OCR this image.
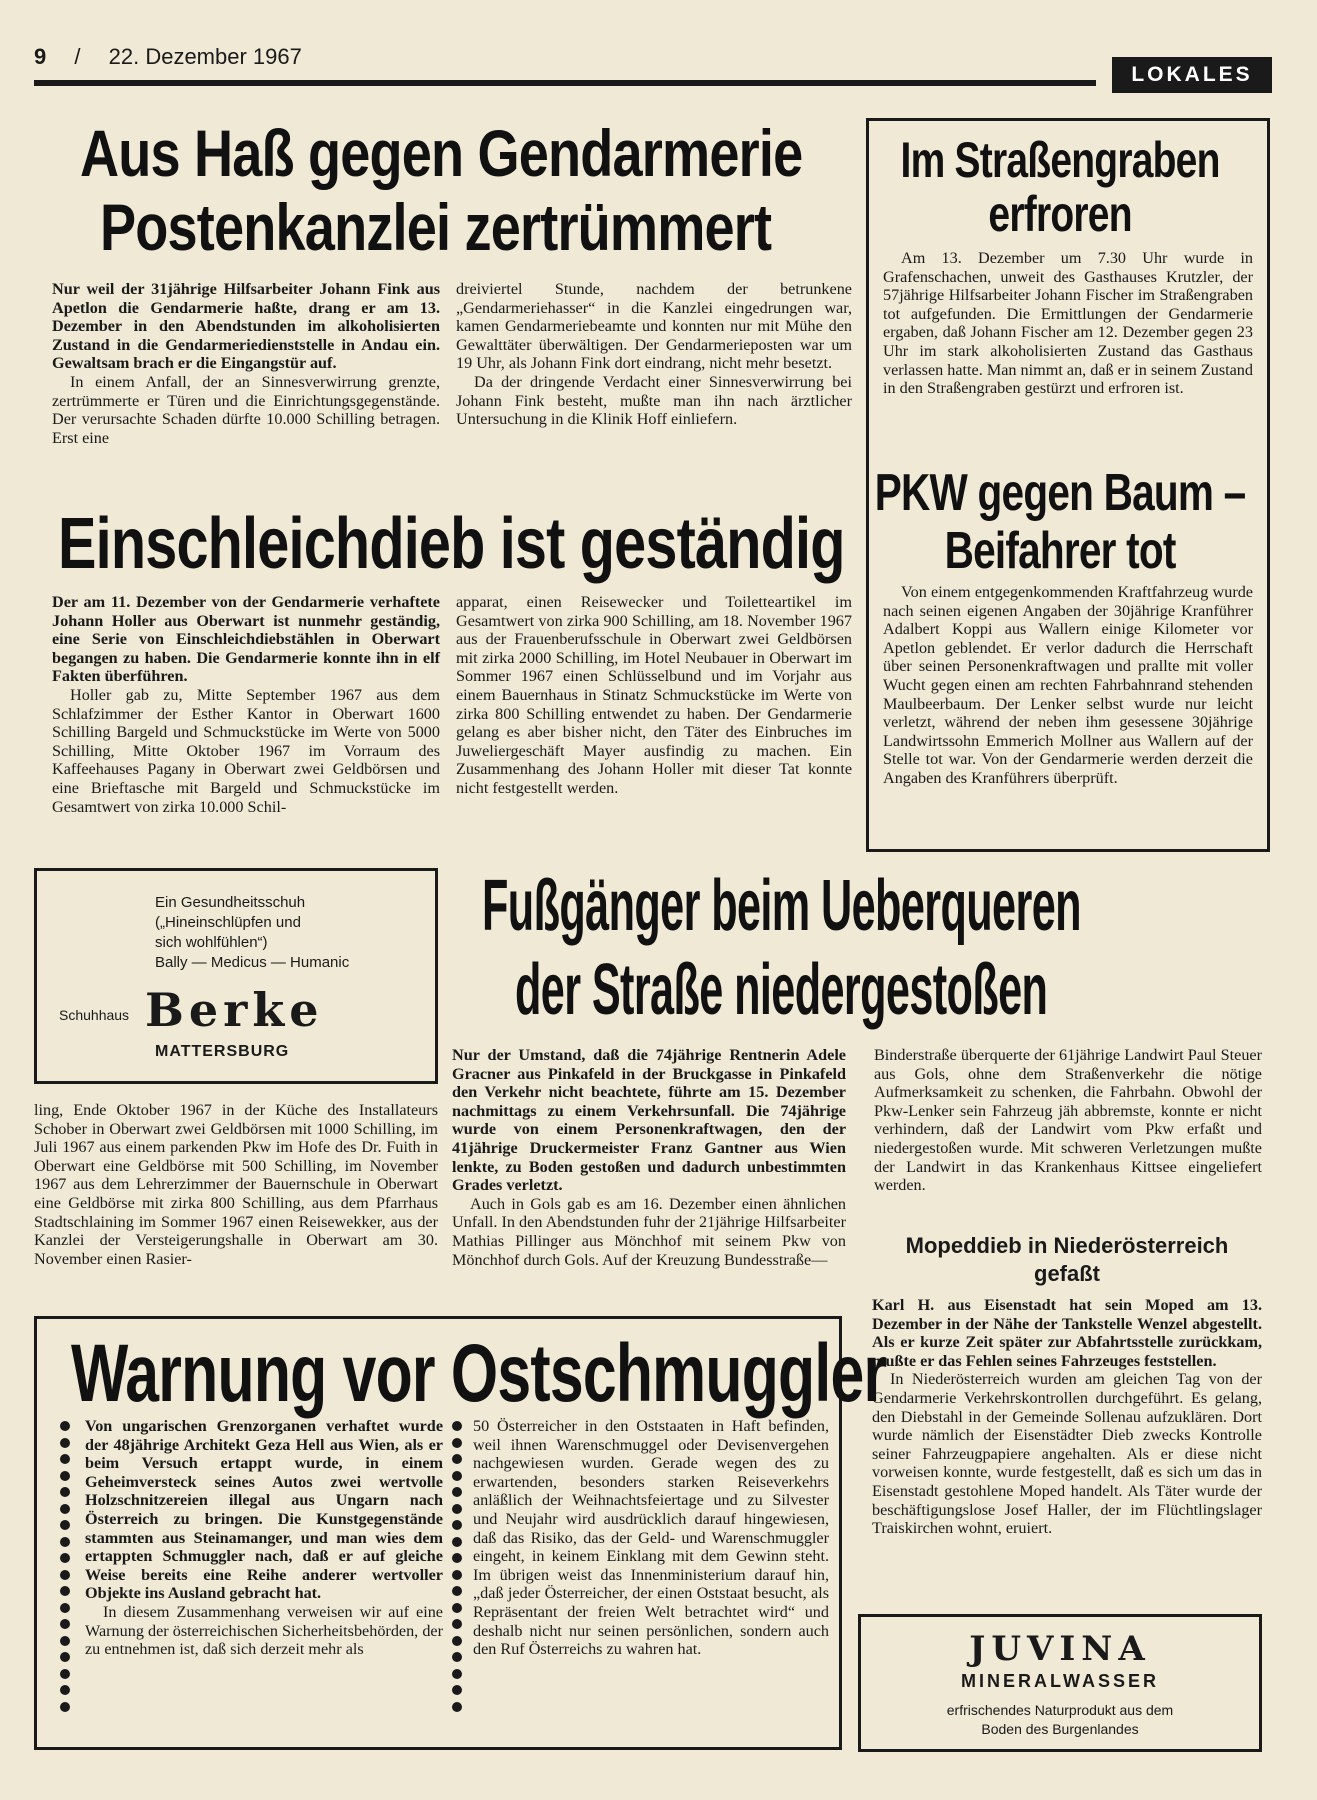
9 / 22. Dezember 1967
LOKALES
Aus Haß gegen Gendarmerie
Postenkanzlei zertrümmert

Nur weil der 31jährige Hilfsarbeiter Johann Fink aus Apetlon die Gendarmerie haßte, drang er am 13. Dezember in den Abendstunden im alkoholisierten Zustand in die Gendarmeriedienststelle in Andau ein. Gewaltsam brach er die Eingangstür auf.

In einem Anfall, der an Sinnesverwirrung grenzte, zertrümmerte er Türen und die Einrichtungsgegenstände. Der verursachte Schaden dürfte 10.000 Schilling betragen. Erst eine

dreiviertel Stunde, nachdem der betrunkene „Gendarmeriehasser“ in die Kanzlei eingedrungen war, kamen Gendarmeriebeamte und konnten nur mit Mühe den Gewalttäter überwältigen. Der Gendarmerieposten war um 19 Uhr, als Johann Fink dort eindrang, nicht mehr besetzt.

Da der dringende Verdacht einer Sinnesverwirrung bei Johann Fink besteht, mußte man ihn nach ärztlicher Untersuchung in die Klinik Hoff einliefern.

Im Straßengraben
erfroren

Am 13. Dezember um 7.30 Uhr wurde in Grafenschachen, unweit des Gasthauses Krutzler, der 57jährige Hilfsarbeiter Johann Fischer im Straßengraben tot aufgefunden. Die Ermittlungen der Gendarmerie ergaben, daß Johann Fischer am 12. Dezember gegen 23 Uhr im stark alkoholisierten Zustand das Gasthaus verlassen hatte. Man nimmt an, daß er in seinem Zustand in den Straßengraben gestürzt und erfroren ist.

PKW gegen Baum –
Beifahrer tot

Von einem entgegenkommenden Kraftfahrzeug wurde nach seinen eigenen Angaben der 30jährige Kranführer Adalbert Koppi aus Wallern einige Kilometer vor Apetlon geblendet. Er verlor dadurch die Herrschaft über seinen Personenkraftwagen und prallte mit voller Wucht gegen einen am rechten Fahrbahnrand stehenden Maulbeerbaum. Der Lenker selbst wurde nur leicht verletzt, während der neben ihm gesessene 30jährige Landwirtssohn Emmerich Mollner aus Wallern auf der Stelle tot war. Von der Gendarmerie werden derzeit die Angaben des Kranführers überprüft.

Einschleichdieb ist geständig

Der am 11. Dezember von der Gendarmerie verhaftete Johann Holler aus Oberwart ist nunmehr geständig, eine Serie von Einschleichdiebstählen in Oberwart begangen zu haben. Die Gendarmerie konnte ihn in elf Fakten überführen.

Holler gab zu, Mitte September 1967 aus dem Schlafzimmer der Esther Kantor in Oberwart 1600 Schilling Bargeld und Schmuckstücke im Werte von 5000 Schilling, Mitte Oktober 1967 im Vorraum des Kaffeehauses Pagany in Oberwart zwei Geldbörsen und eine Brieftasche mit Bargeld und Schmuckstücke im Gesamtwert von zirka 10.000 Schil-

apparat, einen Reisewecker und Toiletteartikel im Gesamtwert von zirka 900 Schilling, am 18. November 1967 aus der Frauenberufsschule in Oberwart zwei Geldbörsen mit zirka 2000 Schilling, im Hotel Neubauer in Oberwart im Sommer 1967 einen Schlüsselbund und im Vorjahr aus einem Bauernhaus in Stinatz Schmuckstücke im Werte von zirka 800 Schilling entwendet zu haben. Der Gendarmerie gelang es aber bisher nicht, den Täter des Einbruches im Juweliergeschäft Mayer ausfindig zu machen. Ein Zusammenhang des Johann Holler mit dieser Tat konnte nicht festgestellt werden.

Ein Gesundheitsschuh
(„Hineinschlüpfen und
sich wohlfühlen“)
Bally — Medicus — Humanic
Schuhhaus Berke
MATTERSBURG

ling, Ende Oktober 1967 in der Küche des Installateurs Schober in Oberwart zwei Geldbörsen mit 1000 Schilling, im Juli 1967 aus einem parkenden Pkw im Hofe des Dr. Fuith in Oberwart eine Geldbörse mit 500 Schilling, im November 1967 aus dem Lehrerzimmer der Bauernschule in Oberwart eine Geldbörse mit zirka 800 Schilling, aus dem Pfarrhaus Stadtschlaining im Sommer 1967 einen Reisewekker, aus der Kanzlei der Versteigerungshalle in Oberwart am 30. November einen Rasier-

Fußgänger beim Ueberqueren
der Straße niedergestoßen

Nur der Umstand, daß die 74jährige Rentnerin Adele Gracner aus Pinkafeld in der Bruckgasse in Pinkafeld den Verkehr nicht beachtete, führte am 15. Dezember nachmittags zu einem Verkehrsunfall. Die 74jährige wurde von einem Personenkraftwagen, den der 41jährige Druckermeister Franz Gantner aus Wien lenkte, zu Boden gestoßen und dadurch unbestimmten Grades verletzt.

Auch in Gols gab es am 16. Dezember einen ähnlichen Unfall. In den Abendstunden fuhr der 21jährige Hilfsarbeiter Mathias Pillinger aus Mönchhof mit seinem Pkw von Mönchhof durch Gols. Auf der Kreuzung Bundesstraße—

Binderstraße überquerte der 61jährige Landwirt Paul Steuer aus Gols, ohne dem Straßenverkehr die nötige Aufmerksamkeit zu schenken, die Fahrbahn. Obwohl der Pkw-Lenker sein Fahrzeug jäh abbremste, konnte er nicht verhindern, daß der Landwirt vom Pkw erfaßt und niedergestoßen wurde. Mit schweren Verletzungen mußte der Landwirt in das Krankenhaus Kittsee eingeliefert werden.

Mopeddieb in Niederösterreich
gefaßt

Karl H. aus Eisenstadt hat sein Moped am 13. Dezember in der Nähe der Tankstelle Wenzel abgestellt. Als er kurze Zeit später zur Abfahrtsstelle zurückkam, mußte er das Fehlen seines Fahrzeuges feststellen.

In Niederösterreich wurden am gleichen Tag von der Gendarmerie Verkehrskontrollen durchgeführt. Es gelang, den Diebstahl in der Gemeinde Sollenau aufzuklären. Dort wurde nämlich der Eisenstädter Dieb zwecks Kontrolle seiner Fahrzeugpapiere angehalten. Als er diese nicht vorweisen konnte, wurde festgestellt, daß es sich um das in Eisenstadt gestohlene Moped handelt. Als Täter wurde der beschäftigungslose Josef Haller, der im Flüchtlingslager Traiskirchen wohnt, eruiert.

JUVINA
MINERALWASSER
erfrischendes Naturprodukt aus dem
Boden des Burgenlandes
Warnung vor Ostschmuggler

Von ungarischen Grenzorganen verhaftet wurde der 48jährige Architekt Geza Hell aus Wien, als er beim Versuch ertappt wurde, in einem Geheimversteck seines Autos zwei wertvolle Holzschnitzereien illegal aus Ungarn nach Österreich zu bringen. Die Kunstgegenstände stammten aus Steinamanger, und man wies dem ertappten Schmuggler nach, daß er auf gleiche Weise bereits eine Reihe anderer wertvoller Objekte ins Ausland gebracht hat.

In diesem Zusammenhang verweisen wir auf eine Warnung der österreichischen Sicherheitsbehörden, der zu entnehmen ist, daß sich derzeit mehr als

50 Österreicher in den Oststaaten in Haft befinden, weil ihnen Warenschmuggel oder Devisenvergehen nachgewiesen wurden. Gerade wegen des zu erwartenden, besonders starken Reiseverkehrs anläßlich der Weihnachtsfeiertage und zu Silvester und Neujahr wird ausdrücklich darauf hingewiesen, daß das Risiko, das der Geld- und Warenschmuggler eingeht, in keinem Einklang mit dem Gewinn steht. Im übrigen weist das Innenministerium darauf hin, „daß jeder Österreicher, der einen Oststaat besucht, als Repräsentant der freien Welt betrachtet wird“ und deshalb nicht nur seinen persönlichen, sondern auch den Ruf Österreichs zu wahren hat.
